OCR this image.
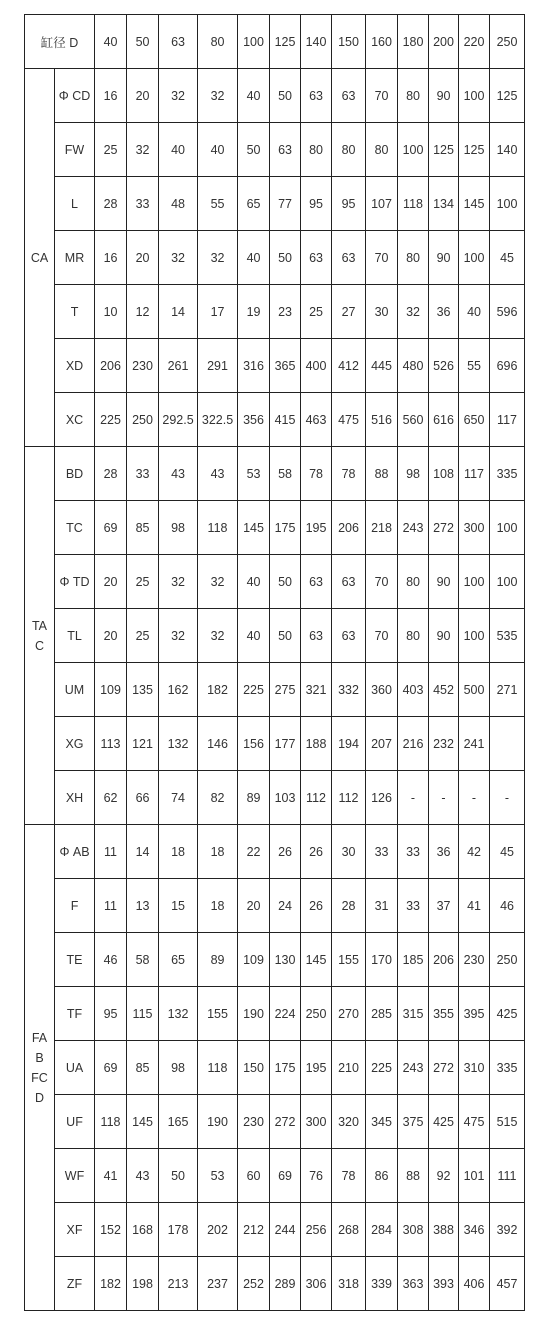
缸径 D		40	50	63	80	100	125	140	150	160	180	200	220	250

CA	Φ CD	16	20	32	32	40	50	63	63	70	80	90	100	125
	FW	25	32	40	40	50	63	80	80	80	100	125	125	140
	L	28	33	48	55	65	77	95	95	107	118	134	145	100
	MR	16	20	32	32	40	50	63	63	70	80	90	100	45
	T	10	12	14	17	19	23	25	27	30	32	36	40	596
	XD	206	230	261	291	316	365	400	412	445	480	526	55	696
	XC	225	250	292.5	322.5	356	415	463	475	516	560	616	650	117

TA
C	BD	28	33	43	43	53	58	78	78	88	98	108	117	335
	TC	69	85	98	118	145	175	195	206	218	243	272	300	100
	Φ TD	20	25	32	32	40	50	63	63	70	80	90	100	100
	TL	20	25	32	32	40	50	63	63	70	80	90	100	535
	UM	109	135	162	182	225	275	321	332	360	403	452	500	271
	XG	113	121	132	146	156	177	188	194	207	216	232	241	
	XH	62	66	74	82	89	103	112	112	126	-	-	-	-

FA
B
FC
D	Φ AB	11	14	18	18	22	26	26	30	33	33	36	42	45
	F	11	13	15	18	20	24	26	28	31	33	37	41	46
	TE	46	58	65	89	109	130	145	155	170	185	206	230	250
	TF	95	115	132	155	190	224	250	270	285	315	355	395	425
	UA	69	85	98	118	150	175	195	210	225	243	272	310	335
	UF	118	145	165	190	230	272	300	320	345	375	425	475	515
	WF	41	43	50	53	60	69	76	78	86	88	92	101	111
	XF	152	168	178	202	212	244	256	268	284	308	388	346	392
	ZF	182	198	213	237	252	289	306	318	339	363	393	406	457
